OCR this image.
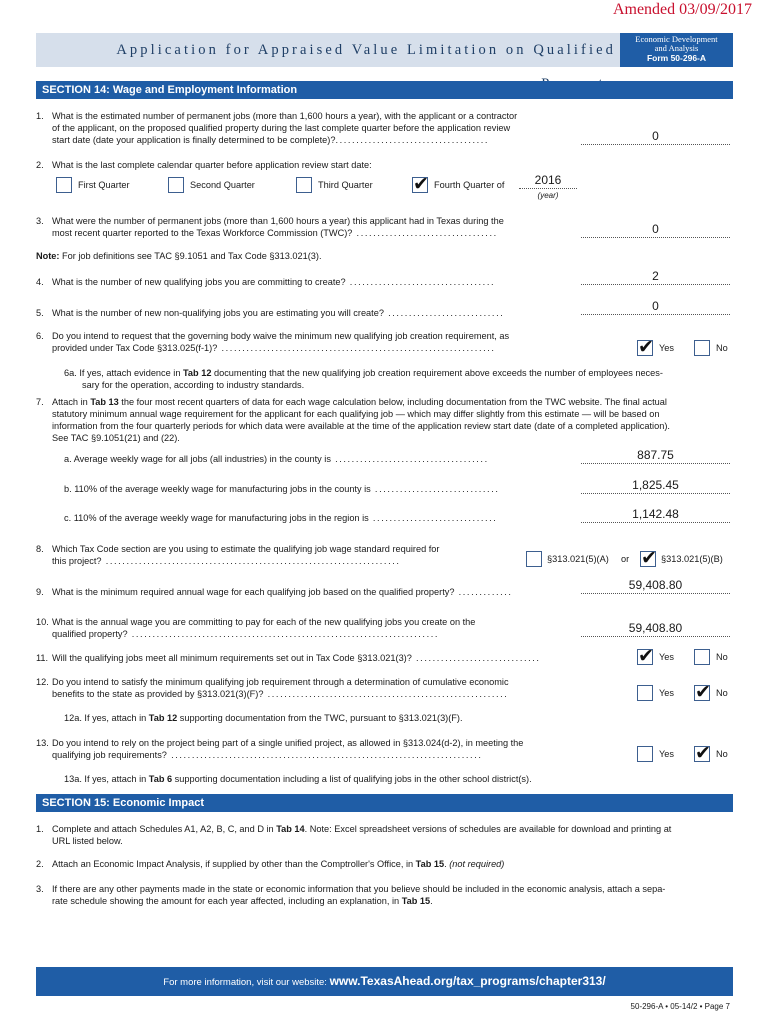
Amended 03/09/2017
Application for Appraised Value Limitation on Qualified
Economic Development
and Analysis
Form 50-296-A
SECTION 14: Wage and Employment Information
1. What is the estimated number of permanent jobs (more than 1,600 hours a year), with the applicant or a contractor
of the applicant, on the proposed qualified property during the last complete quarter before the application review
start date (date your application is finally determined to be complete)?.....................................	0
2. What is the last complete calendar quarter before application review start date:
First Quarter	Second Quarter	Third Quarter ✔ Fourth Quarter of	2016
(year)
3. What were the number of permanent jobs (more than 1,600 hours a year) this applicant had in Texas during the
most recent quarter reported to the Texas Workforce Commission (TWC)? ..................................	0
Note: For job definitions see TAC §9.1051 and Tax Code §313.021(3).
4. What is the number of new qualifying jobs you are committing to create? ...................................	2
5. What is the number of new non-qualifying jobs you are estimating you will create? ............................	0
6. Do you intend to request that the governing body waive the minimum new qualifying job creation requirement, as
provided under Tax Code §313.025(f-1)? ..................................................................	✔ Yes	No
6a. If yes, attach evidence in Tab 12 documenting that the new qualifying job creation requirement above exceeds the number of employees neces-
sary for the operation, according to industry standards.
7. Attach in Tab 13 the four most recent quarters of data for each wage calculation below, including documentation from the TWC website. The final actual
statutory minimum annual wage requirement for the applicant for each qualifying job — which may differ slightly from this estimate — will be based on
information from the four quarterly periods for which data were available at the time of the application review start date (date of a completed application).
See TAC §9.1051(21) and (22).
a. Average weekly wage for all jobs (all industries) in the county is .....................................	887.75
b. 110% of the average weekly wage for manufacturing jobs in the county is ..............................	1,825.45
c. 110% of the average weekly wage for manufacturing jobs in the region is ..............................	1,142.48
8. Which Tax Code section are you using to estimate the qualifying job wage standard required for
this project? .......................................................................	§313.021(5)(A) or ✔ §313.021(5)(B)
9. What is the minimum required annual wage for each qualifying job based on the qualified property? .............	59,408.80
10. What is the annual wage you are committing to pay for each of the new qualifying jobs you create on the
qualified property? ..........................................................................	59,408.80
11. Will the qualifying jobs meet all minimum requirements set out in Tax Code §313.021(3)? ..............................	✔ Yes	No
12. Do you intend to satisfy the minimum qualifying job requirement through a determination of cumulative economic
benefits to the state as provided by §313.021(3)(F)? ..........................................................	Yes ✔ No
12a. If yes, attach in Tab 12 supporting documentation from the TWC, pursuant to §313.021(3)(F).
13. Do you intend to rely on the project being part of a single unified project, as allowed in §313.024(d-2), in meeting the
qualifying job requirements? ...........................................................................	Yes ✔ No
13a. If yes, attach in Tab 6 supporting documentation including a list of qualifying jobs in the other school district(s).
SECTION 15: Economic Impact
1. Complete and attach Schedules A1, A2, B, C, and D in Tab 14. Note: Excel spreadsheet versions of schedules are available for download and printing at
URL listed below.
2. Attach an Economic Impact Analysis, if supplied by other than the Comptroller's Office, in Tab 15. (not required)
3. If there are any other payments made in the state or economic information that you believe should be included in the economic analysis, attach a sepa-
rate schedule showing the amount for each year affected, including an explanation, in Tab 15.
For more information, visit our website: www.TexasAhead.org/tax_programs/chapter313/
50-296-A • 05-14/2 • Page 7
